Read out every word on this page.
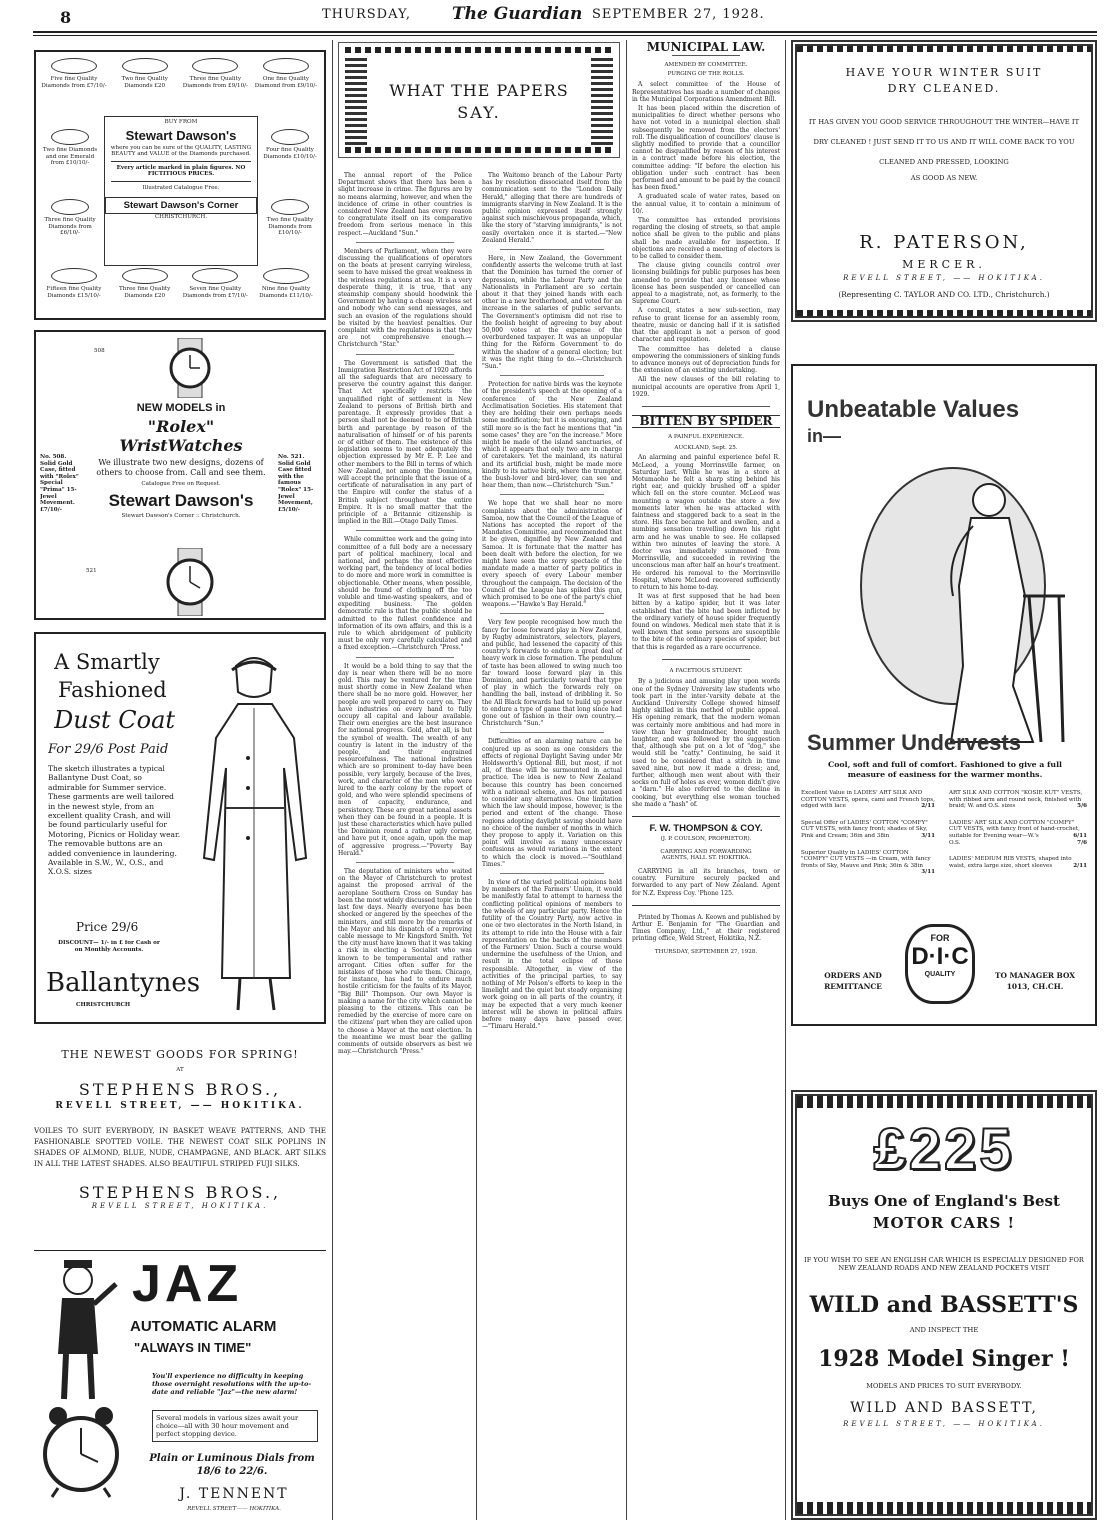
8	THURSDAY, The Guardian SEPTEMBER 27, 1928.
Five fine Quality Diamonds from £7/10/-
Two fine Quality Diamonds £20
Three fine Quality Diamonds from £9/10/-
One fine Quality Diamond from £9/10/-
Two fine Diamonds and one Emerald from £10/10/-
Three fine Quality Diamonds from £6/10/-
Four fine Quality Diamonds £10/10/-
Two fine Quality Diamonds from £10/10/-
BUY FROM
Stewart Dawson's
where you can be sure of the QUALITY, LASTING BEAUTY and VALUE of the Diamonds purchased.
Every article marked in plain figures. NO FICTITIOUS PRICES.
Illustrated Catalogue Free.
Stewart Dawson's Corner
CHRISTCHURCH.
Fifteen fine Quality Diamonds £15/10/-
Three fine Quality Diamonds £20
Seven fine Quality Diamonds from £7/10/-
Nine fine Quality Diamonds £11/10/-
No. 508. Solid Gold Case, fitted with "Rolex" Special "Prima" 15-Jewel Movement. £7/10/-
No. 521. Solid Gold Case fitted with the famous "Rolex" 15-Jewel Movement, £5/10/-
508
NEW MODELS in
"Rolex" WristWatches
We illustrate two new designs, dozens of others to choose from. Call and see them.
Catalogue Free on Request.
Stewart Dawson's
Stewart Dawson's Corner :: Christchurch.
521
A Smartly
Fashioned
Dust Coat
For 29/6 Post Paid
The sketch illustrates a typical Ballantyne Dust Coat, so admirable for Summer service. These garments are well tailored in the newest style, from an excellent quality Crash, and will be found particularly useful for Motoring, Picnics or Holiday wear. The removable buttons are an added convenience in laundering. Available in S.W., W., O.S., and X.O.S. sizes
Price 29/6
DISCOUNT— 1/- in £ for Cash or on Monthly Accounts.
Ballantynes
CHRISTCHURCH
THE NEWEST GOODS FOR SPRING!
AT
STEPHENS BROS.,
REVELL STREET, —— HOKITIKA.
VOILES TO SUIT EVERYBODY, IN BASKET WEAVE PATTERNS, AND THE FASHIONABLE SPOTTED VOILE. THE NEWEST COAT SILK POPLINS IN SHADES OF ALMOND, BLUE, NUDE, CHAMPAGNE, AND BLACK. ART SILKS IN ALL THE LATEST SHADES. ALSO BEAUTIFUL STRIPED FUJI SILKS.
STEPHENS BROS.,
REVELL STREET, HOKITIKA.
JAZ
AUTOMATIC ALARM
"ALWAYS IN TIME"
You'll experience no difficulty in keeping those overnight resolutions with the up-to-date and reliable "Jaz"—the new alarm!
Several models in various sizes await your choice—all with 30 hour movement and perfect stopping device.
Plain or Luminous Dials from 18/6 to 22/6.
J. TENNENT
REVELL STREET—— HOKITIKA.
WHAT THE PAPERS
SAY.

The annual report of the Police Department shows that there has been a slight increase in crime. The figures are by no means alarming, however, and when the incidence of crime in other countries is considered New Zealand has every reason to congratulate itself on its comparative freedom from serious menace in this respect.—Auckland "Sun."

Members of Parliament, when they were discussing the qualifications of operators on the boats at present carrying wireless, seem to have missed the great weakness in the wireless regulations at sea. It is a very desperate thing, it is true, that any steamship company should hoodwink the Government by having a cheap wireless set and nobody who can send messages, and such an evasion of the regulations should be visited by the heaviest penalties. Our complaint with the regulations is that they are not comprehensive enough.—Christchurch "Star."

The Government is satisfied that the Immigration Restriction Act of 1920 affords all the safeguards that are necessary to preserve the country against this danger. That Act specifically restricts the unqualified right of settlement in New Zealand to persons of British birth and parentage. It expressly provides that a person shall not be deemed to be of British birth and parentage by reason of the naturalisation of himself or of his parents or of either of them. The existence of this legislation seems to meet adequately the objection expressed by Mr E. P. Lee and other members to the Bill in terms of which New Zealand, not among the Dominions, will accept the principle that the issue of a certificate of naturalisation in any part of the Empire will confer the status of a British subject throughout the entire Empire. It is no small matter that the principle of a Britannic citizenship is implied in the Bill.—Otago Daily Times.

While committee work and the going into committee of a full body are a necessary part of political machinery, local and national, and perhaps the most effective working part, the tendency of local bodies to do more and more work in committee is objectionable. Other means, when possible, should be found of clothing off the too voluble and time-wasting speakers, and of expediting business. The golden democratic rule is that the public should be admitted to the fullest confidence and information of its own affairs, and this is a rule to which abridgement of publicity must be only very carefully calculated and a fixed exception.—Christchurch "Press."

It would be a bold thing to say that the day is near when there will be no more gold. This may be ventured for the time must shortly come in New Zealand when there shall be no more gold. However, her people are well prepared to carry on. They have industries on every hand to fully occupy all capital and labour available. Their own energies are the best insurance for national progress. Gold, after all, is but the symbol of wealth. The wealth of any country is latent in the industry of the people, and their engrained resourcefulness. The national industries which are so prominent to-day have been possible, very largely, because of the lives, work, and character of the men who were lured to the early colony by the report of gold, and who were splendid specimens of men of capacity, endurance, and persistency. These are great national assets when they can be found in a people. It is just these characteristics which have pulled the Dominion round a rather ugly corner, and have put it, once again, upon the map of aggressive progress.—"Poverty Bay Herald."

The deputation of ministers who waited on the Mayor of Christchurch to protest against the proposed arrival of the aeroplane Southern Cross on Sunday has been the most widely discussed topic in the last few days. Nearly everyone has been shocked or angered by the speeches of the ministers, and still more by the remarks of the Mayor and his dispatch of a reproving cable message to Mr Kingsford Smith. Yet the city must have known that it was taking a risk in electing a Socialist who was known to be temperamental and rather arrogant. Cities often suffer for the mistakes of those who rule them. Chicago, for instance, has had to endure much hostile criticism for the faults of its Mayor, "Big Bill" Thompson. Our own Mayor is making a name for the city which cannot be pleasing to the citizens. This can be remedied by the exercise of more care on the citizens' part when they are called upon to choose a Mayor at the next election. In the meantime we must bear the galling comments of outside observers as best we may.—Christchurch "Press."

The Waitomo branch of the Labour Party has by resolution dissociated itself from the communication sent to the "London Daily Herald," alleging that there are hundreds of immigrants starving in New Zealand. It is the public opinion expressed itself strongly against such mischievous propaganda, which, like the story of "starving immigrants," is not easily overtaken once it is started.—"New Zealand Herald."

Here, in New Zealand, the Government confidently asserts the welcome truth at last that the Dominion has turned the corner of depression, while the Labour Party and the Nationalists in Parliament are so certain about it that they joined hands with each other in a new brotherhood, and voted for an increase in the salaries of public servants. The Government's optimism did not rise to the foolish height of agreeing to buy about 50,000 votes at the expense of the overburdened taxpayer. It was an unpopular thing for the Reform Government to do within the shadow of a general election; but it was the right thing to do.—Christchurch "Sun."

Protection for native birds was the keynote of the president's speech at the opening of a conference of the New Zealand Acclimatisation Societies. His statement that they are holding their own perhaps needs some modification; but it is encouraging, and still more so is the fact he mentions that "in some cases" they are "on the increase." More might be made of the island sanctuaries, of which it appears that only two are in charge of caretakers. Yet the mainland, its natural and its artificial bush, might be made more kindly to its native birds, where the trumpter, the bush-lover and bird-lover, can see and hear them, than now.—Christchurch "Sun."

We hope that we shall hear no more complaints about the administration of Samoa, now that the Council of the League of Nations has accepted the report of the Mandates Committee, and recommended that it be given, dignified by New Zealand and Samoa. It is fortunate that the matter has been dealt with before the election, for we might have seen the sorry spectacle of the mandate made a matter of party politics in every speech of every Labour member throughout the campaign. The decision of the Council of the League has spiked this gun, which promised to be one of the party's chief weapons.—"Hawke's Bay Herald."

Very few people recognised how much the fancy for loose forward play in New Zealand, by Rugby administrators, selectors, players, and public, had lessened the capacity of this country's forwards to endure a great deal of heavy work in close formation. The pendulum of taste has been allowed to swing much too far toward loose forward play in this Dominion, and particularly toward that type of play in which the forwards rely on handling the ball, instead of dribbling it. So the All Black forwards had to build up power to endure a type of game that long since had gone out of fashion in their own country.—Christchurch "Sun."

Difficulties of an alarming nature can be conjured up as soon as one considers the effects of regional Daylight Saving under Mr Holdsworth's Optional Bill, but most, if not all, of these will be surmounted in actual practice. The idea is new to New Zealand because this country has been concerned with a national scheme, and has not paused to consider any alternatives. One limitation which the law should impose, however, is the period and extent of the change. Those regions adopting daylight saving should have no choice of the number of months in which they propose to apply it. Variation on this point will involve as many unnecessary confusions as would variations in the extent to which the clock is moved.—"Southland Times."

In view of the varied political opinions held by members of the Farmers' Union, it would be manifestly fatal to attempt to harness the conflicting political opinions of members to the wheels of any particular party. Hence the futility of the Country Party, now active in one or two electorates in the North Island, in its attempt to ride into the House with a fair representation on the backs of the members of the Farmers' Union. Such a course would undermine the usefulness of the Union, and result in the total eclipse of those responsible. Altogether, in view of the activities of the principal parties, to say nothing of Mr Polson's efforts to keep in the limelight and the quiet but steady organising work going on in all parts of the country, it may be expected that a very much keener interest will be shown in political affairs before many days have passed over.—"Timaru Herald."

MUNICIPAL LAW.
AMENDED BY COMMITTEE.
PURGING OF THE ROLLS.

A select committee of the House of Representatives has made a number of changes in the Municipal Corporations Amendment Bill.

It has been placed within the discretion of municipalities to direct whether persons who have not voted in a municipal election shall subsequently be removed from the electors' roll. The disqualification of councillors' clause is slightly modified to provide that a councillor cannot be disqualified by reason of his interest in a contract made before his election, the committee adding: "If before the election his obligation under such contract has been performed and amount to be paid by the council has been fixed."

A graduated scale of water rates, based on the annual value, it to contain a minimum of 10/.

The committee has extended provisions regarding the closing of streets, so that ample notice shall be given to the public and plans shall be made available for inspection. If objections are received a meeting of electors is to be called to consider them.

The clause giving councils control over licensing buildings for public purposes has been amended to provide that any licensee whose license has been suspended or cancelled can appeal to a magistrate, not, as formerly, to the Supreme Court.

A council, states a new sub-section, may refuse to grant license for an assembly room, theatre, music or dancing hall if it is satisfied that the applicant is not a person of good character and reputation.

The committee has deleted a clause empowering the commissioners of sinking funds to advance moneys out of depreciation funds for the extension of an existing undertaking.

All the new clauses of the bill relating to municipal accounts are operative from April 1, 1929.

BITTEN BY SPIDER
A PAINFUL EXPERIENCE.
AUCKLAND, Sept. 25.

An alarming and painful experience befel R. McLeod, a young Morrinsville farmer, on Saturday last. While he was in a store at Motumaoho he felt a sharp sting behind his right ear, and quickly brushed off a spider which fell on the store counter. McLeod was mounting a wagon outside the store a few moments later when he was attacked with faintness and staggered back to a seat in the store. His face became hot and swollen, and a numbing sensation travelling down his right arm and he was unable to see. He collapsed within two minutes of leaving the store. A doctor was immediately summoned from Morrinsville, and succeeded in reviving the unconscious man after half an hour's treatment. He ordered his removal to the Morrinsville Hospital, where McLeod recovered sufficiently to return to his home to-day.

It was at first supposed that he had been bitten by a katipo spider, but it was later established that the bite had been inflicted by the ordinary variety of house spider frequently found on windows. Medical men state that it is well known that some persons are susceptible to the bite of the ordinary species of spider, but that this is regarded as a rare occurrence.

A FACETIOUS STUDENT.

By a judicious and amusing play upon words one of the Sydney University law students who took part in the inter-'varsity debate at the Auckland University College showed himself highly skilled in this method of public appeal. His opening remark, that the modern woman was certainly more ambitious and had more in view than her grandmother, brought much laughter, and was followed by the suggestion that, although she put on a lot of "dog," she would still be "catty." Continuing, he said it used to be considered that a stitch in time saved nine, but now it made a dress; and, further, although men went about with their socks on full of holes as ever, women didn't give a "darn." He also referred to the decline in cooking, but everything else woman touched she made a "hash" of.

F. W. THOMPSON & COY.
(J. P. COULSON, PROPRIETOR).
CARRYING AND FORWARDING
AGENTS, HALL ST. HOKITIKA.

CARRYING in all its branches, town or country. Furniture securely packed and forwarded to any part of New Zealand. Agent for N.Z. Express Coy. 'Phone 125.

Printed by Thomas A. Keown and published by Arthur E. Benjamin for "The Guardian and Times Company, Ltd.," at their registered printing office, Weld Street, Hokitika, N.Z.

THURSDAY, SEPTEMBER 27, 1928.
HAVE YOUR WINTER SUIT
DRY CLEANED.
IT HAS GIVEN YOU GOOD SERVICE THROUGHOUT THE WINTER—HAVE IT DRY CLEANED ! JUST SEND IT TO US AND IT WILL COME BACK TO YOU CLEANED AND PRESSED, LOOKING
AS GOOD AS NEW.
R. PATERSON,
MERCER.
REVELL STREET, —— HOKITIKA.
(Representing C. TAYLOR AND CO. LTD., Christchurch.)
Unbeatable Values
in—
Summer Undervests
Cool, soft and full of comfort. Fashioned to give a full measure of easiness for the warmer months.
Excellent Value in LADIES' ART SILK AND COTTON VESTS, opera, cami and French tops, edged with lace	2/11
Special Offer of LADIES' COTTON "COMFY" CUT VESTS, with fancy front; shades of Sky, Pink and Cream; 36in and 38in	3/11
Superior Quality in LADIES' COTTON "COMFY" CUT VESTS —in Cream, with fancy fronts of Sky, Mauve and Pink; 36in & 38in
3/11
ART SILK AND COTTON "KOSIE KUT" VESTS, with ribbed arm and round neck, finished with braid; W. and O.S. sizes	5/6
LADIES' ART SILK AND COTTON "COMFY" CUT VESTS, with fancy front of hand-crochet, suitable for Evening wear—W.'s	6/11
O.S.	7/6
LADIES' MEDIUM RIB VESTS, shaped into waist, extra large size, short sleeves	2/11
FOR
D·I·C
QUALITY
ORDERS AND REMITTANCE
TO MANAGER BOX 1013, CH.CH.
£225
Buys One of England's Best
MOTOR CARS !
IF YOU WISH TO SEE AN ENGLISH CAR WHICH IS ESPECIALLY DESIGNED FOR NEW ZEALAND ROADS AND NEW ZEALAND POCKETS VISIT
WILD and BASSETT'S
AND INSPECT THE
1928 Model Singer !
MODELS AND PRICES TO SUIT EVERYBODY.
WILD AND BASSETT,
REVELL STREET, —— HOKITIKA.
